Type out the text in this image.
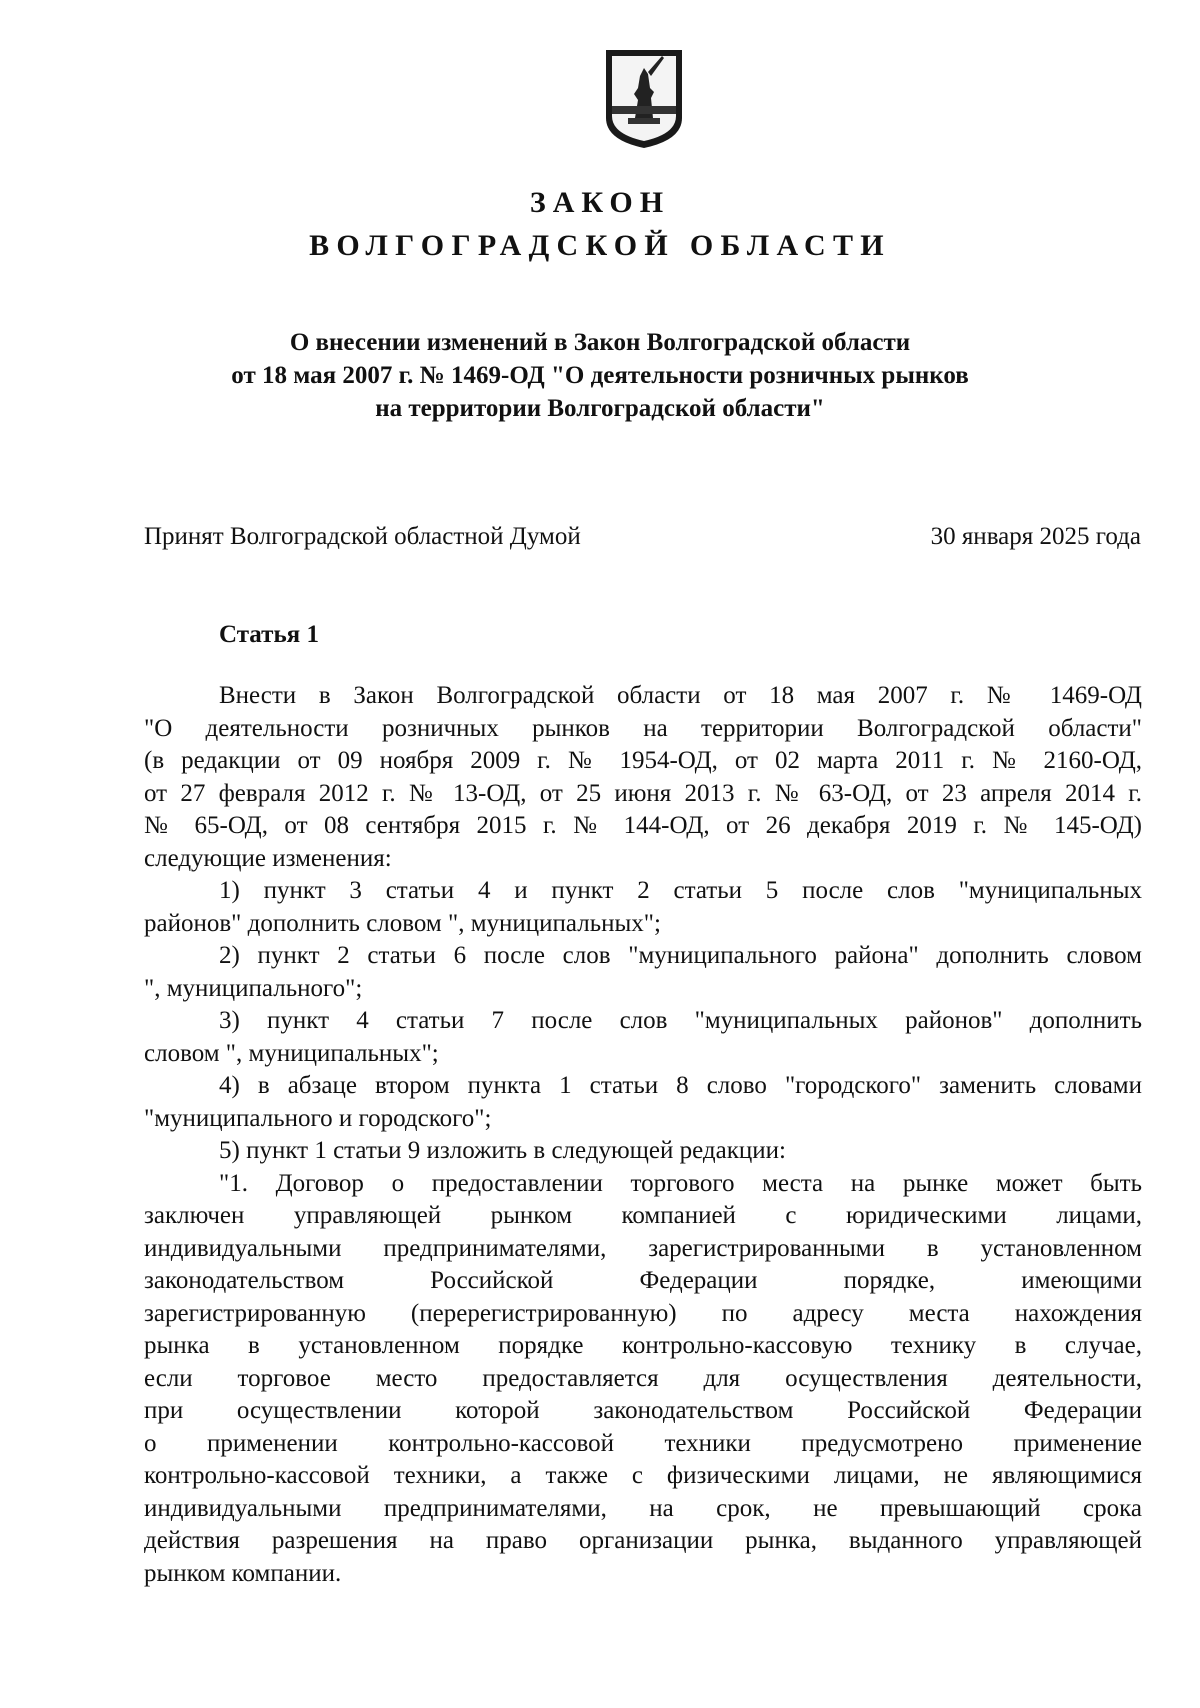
ЗАКОН
ВОЛГОГРАДСКОЙ ОБЛАСТИ
О внесении изменений в Закон Волгоградской области
от 18 мая 2007 г. № 1469-ОД "О деятельности розничных рынков
на территории Волгоградской области"
Принят Волгоградской областной Думой	30 января 2025 года
Статья 1
Внести в Закон Волгоградской области от 18 мая 2007 г. № 1469-ОД
"О деятельности розничных рынков на территории Волгоградской области"
(в редакции от 09 ноября 2009 г. № 1954-ОД, от 02 марта 2011 г. № 2160-ОД,
от 27 февраля 2012 г. № 13-ОД, от 25 июня 2013 г. № 63-ОД, от 23 апреля 2014 г.
№ 65-ОД, от 08 сентября 2015 г. № 144-ОД, от 26 декабря 2019 г. № 145-ОД)
следующие изменения:
1) пункт 3 статьи 4 и пункт 2 статьи 5 после слов "муниципальных
районов" дополнить словом ", муниципальных";
2) пункт 2 статьи 6 после слов "муниципального района" дополнить словом
", муниципального";
3) пункт 4 статьи 7 после слов "муниципальных районов" дополнить
словом ", муниципальных";
4) в абзаце втором пункта 1 статьи 8 слово "городского" заменить словами
"муниципального и городского";
5) пункт 1 статьи 9 изложить в следующей редакции:
"1. Договор о предоставлении торгового места на рынке может быть
заключен управляющей рынком компанией с юридическими лицами,
индивидуальными предпринимателями, зарегистрированными в установленном
законодательством Российской Федерации порядке, имеющими
зарегистрированную (перерегистрированную) по адресу места нахождения
рынка в установленном порядке контрольно-кассовую технику в случае,
если торговое место предоставляется для осуществления деятельности,
при осуществлении которой законодательством Российской Федерации
о применении контрольно-кассовой техники предусмотрено применение
контрольно-кассовой техники, а также с физическими лицами, не являющимися
индивидуальными предпринимателями, на срок, не превышающий срока
действия разрешения на право организации рынка, выданного управляющей
рынком компании.
